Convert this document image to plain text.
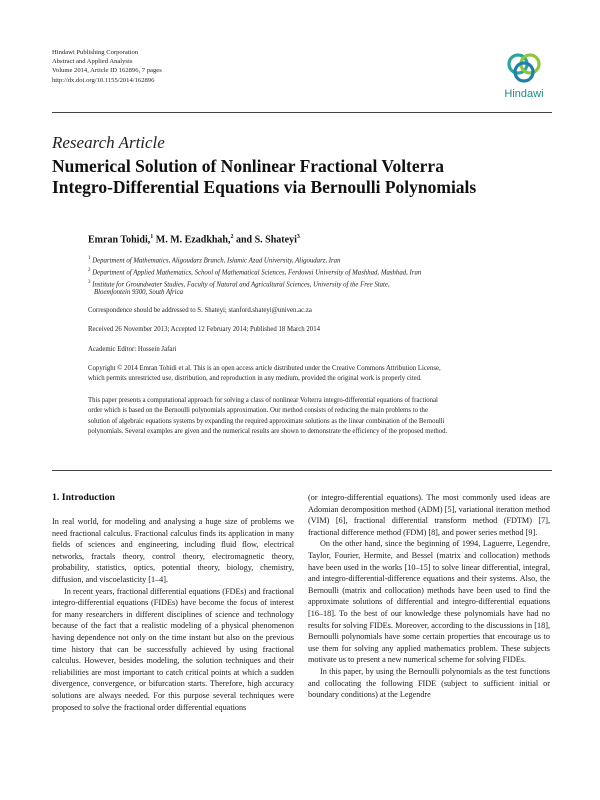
Hindawi Publishing Corporation
Abstract and Applied Analysis
Volume 2014, Article ID 162896, 7 pages
http://dx.doi.org/10.1155/2014/162896
Hindawi
Research Article
Numerical Solution of Nonlinear Fractional Volterra
Integro-Differential Equations via Bernoulli Polynomials
Emran Tohidi,$^1$ M. M. Ezadkhah,$^2$ and S. Shateyi$^3$
$^1$ Department of Mathematics, Aligoudarz Branch, Islamic Azad University, Aligoudarz, Iran
$^2$ Department of Applied Mathematics, School of Mathematical Sciences, Ferdowsi University of Mashhad, Mashhad, Iran
$^3$ Institute for Groundwater Studies, Faculty of Natural and Agricultural Sciences, University of the Free State,
Bloemfontein 9300, South Africa
Correspondence should be addressed to S. Shateyi; stanford.shateyi@univen.ac.za
Received 26 November 2013; Accepted 12 February 2014; Published 18 March 2014
Academic Editor: Hossein Jafari
Copyright © 2014 Emran Tohidi et al. This is an open access article distributed under the Creative Commons Attribution License,
which permits unrestricted use, distribution, and reproduction in any medium, provided the original work is properly cited.
This paper presents a computational approach for solving a class of nonlinear Volterra integro-differential equations of fractional
order which is based on the Bernoulli polynomials approximation. Our method consists of reducing the main problems to the
solution of algebraic equations systems by expanding the required approximate solutions as the linear combination of the Bernoulli
polynomials. Several examples are given and the numerical results are shown to demonstrate the efficiency of the proposed method.
1. Introduction

In real world, for modeling and analysing a huge size of problems we need fractional calculus. Fractional calculus finds its application in many fields of sciences and engineering, including fluid flow, electrical networks, fractals theory, control theory, electromagnetic theory, probability, statistics, optics, potential theory, biology, chemistry, diffusion, and viscoelasticity [1–4].

In recent years, fractional differential equations (FDEs) and fractional integro-differential equations (FIDEs) have become the focus of interest for many researchers in different disciplines of science and technology because of the fact that a realistic modeling of a physical phenomenon having dependence not only on the time instant but also on the previous time history that can be successfully achieved by using fractional calculus. However, besides modeling, the solution techniques and their reliabilities are most important to catch critical points at which a sudden divergence, convergence, or bifurcation starts. Therefore, high accuracy solutions are always needed. For this purpose several techniques were proposed to solve the fractional order differential equations

(or integro-differential equations). The most commonly used ideas are Adomian decomposition method (ADM) [5], variational iteration method (VIM) [6], fractional differential transform method (FDTM) [7], fractional difference method (FDM) [8], and power series method [9].

On the other hand, since the beginning of 1994, Laguerre, Legendre, Taylor, Fourier, Hermite, and Bessel (matrix and collocation) methods have been used in the works [10–15] to solve linear differential, integral, and integro-differential-difference equations and their systems. Also, the Bernoulli (matrix and collocation) methods have been used to find the approximate solutions of differential and integro-differential equations [16–18]. To the best of our knowledge these polynomials have had no results for solving FIDEs. Moreover, according to the discussions in [18], Bernoulli polynomials have some certain properties that encourage us to use them for solving any applied mathematics problem. These subjects motivate us to present a new numerical scheme for solving FIDEs.

In this paper, by using the Bernoulli polynomials as the test functions and collocating the following FIDE (subject to sufficient initial or boundary conditions) at the Legendre
